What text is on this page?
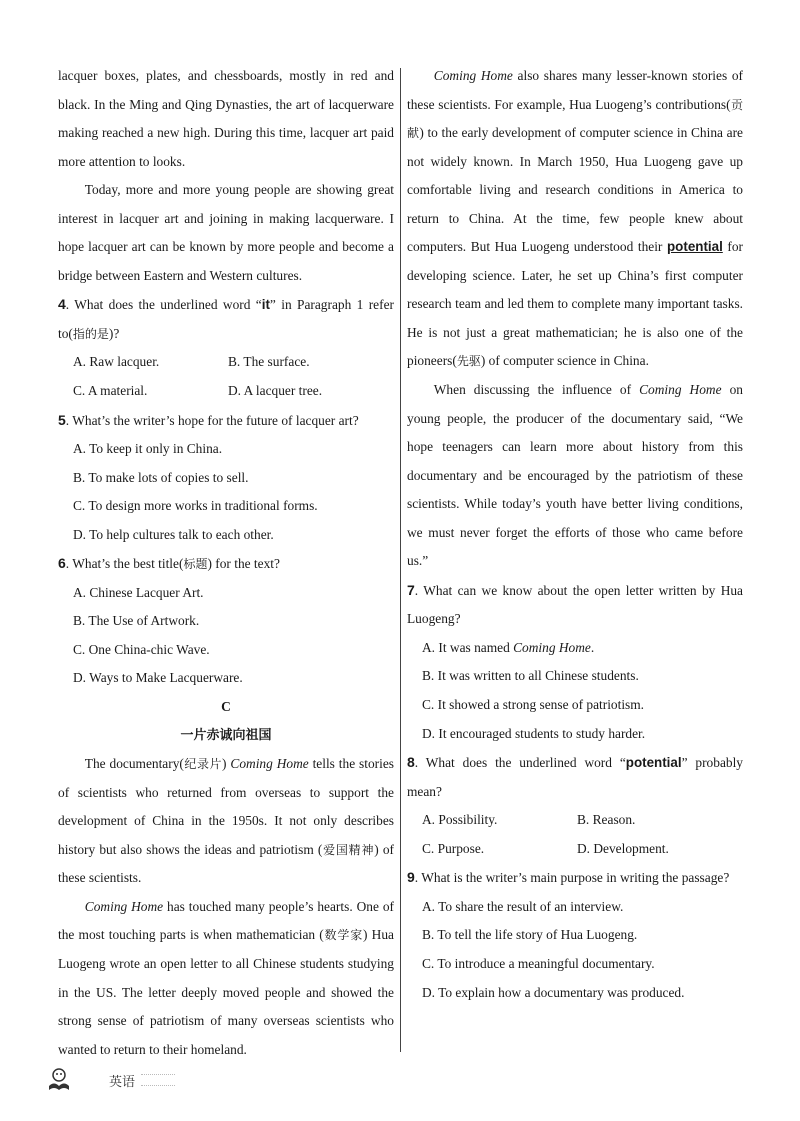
lacquer boxes, plates, and chessboards, mostly in red and black. In the Ming and Qing Dynasties, the art of lacquerware making reached a new high. During this time, lacquer art paid more attention to looks.

Today, more and more young people are showing great interest in lacquer art and joining in making lacquerware. I hope lacquer art can be known by more people and become a bridge between Eastern and Western cultures.

4. What does the underlined word “it” in Paragraph 1 refer to(指的是)?

A. Raw lacquer.	B. The surface.
C. A material.	D. A lacquer tree.

5. What’s the writer’s hope for the future of lacquer art?

A. To keep it only in China.

B. To make lots of copies to sell.

C. To design more works in traditional forms.

D. To help cultures talk to each other.

6. What’s the best title(标题) for the text?

A. Chinese Lacquer Art.

B. The Use of Artwork.

C. One China-chic Wave.

D. Ways to Make Lacquerware.

C

一片赤诚向祖国

The documentary(纪录片) Coming Home tells the stories of scientists who returned from overseas to support the development of China in the 1950s. It not only describes history but also shows the ideas and patriotism (爱国精神) of these scientists.

Coming Home has touched many people’s hearts. One of the most touching parts is when mathematician (数学家) Hua Luogeng wrote an open letter to all Chinese students studying in the US. The letter deeply moved people and showed the strong sense of patriotism of many overseas scientists who wanted to return to their homeland.

Coming Home also shares many lesser-known stories of these scientists. For example, Hua Luogeng’s contributions(贡献) to the early development of computer science in China are not widely known. In March 1950, Hua Luogeng gave up comfortable living and research conditions in America to return to China. At the time, few people knew about computers. But Hua Luogeng understood their potential for developing science. Later, he set up China’s first computer research team and led them to complete many important tasks. He is not just a great mathematician; he is also one of the pioneers(先驱) of computer science in China.

When discussing the influence of Coming Home on young people, the producer of the documentary said, “We hope teenagers can learn more about history from this documentary and be encouraged by the patriotism of these scientists. While today’s youth have better living conditions, we must never forget the efforts of those who came before us.”

7. What can we know about the open letter written by Hua Luogeng?

A. It was named Coming Home.

B. It was written to all Chinese students.

C. It showed a strong sense of patriotism.

D. It encouraged students to study harder.

8. What does the underlined word “potential” probably mean?

A. Possibility.	B. Reason.
C. Purpose.	D. Development.

9. What is the writer’s main purpose in writing the passage?

A. To share the result of an interview.

B. To tell the life story of Hua Luogeng.

C. To introduce a meaningful documentary.

D. To explain how a documentary was produced.

英语
